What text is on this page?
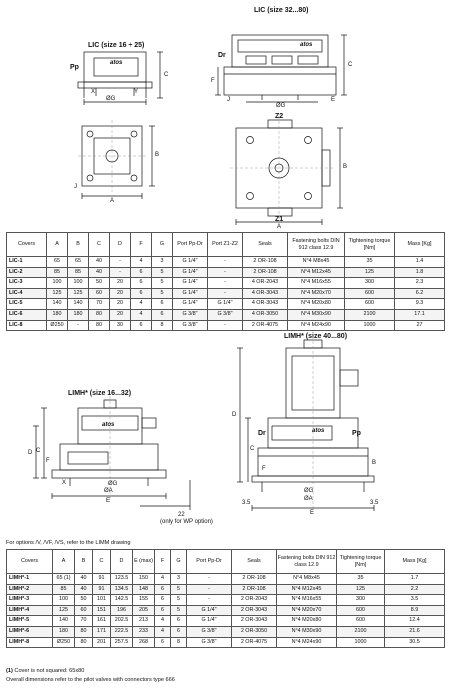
LIC (size 32...80)
LIC (size 16 ÷ 25)
Pp
X	Y
ØG
atos
C
Dr
atos
ØG
C
F
J	E
Z2
Z1
A
B
A
B
J
Covers	A	B	C	D	F	G	Port Pp-Dr	Port Z1-Z2	Seals	Fastening bolts DIN 912 class 12.9	Tightening torque [Nm]	Mass [Kg]
LIC-1	65	65	40	-	4	3	G 1/4"	-	2 OR-108	N°4 M8x45	35	1.4
LIC-2	85	85	40	-	6	5	G 1/4"	-	2 OR-108	N°4 M12x45	125	1.8
LIC-3	100	100	50	20	6	5	G 1/4"	-	4 OR-2043	N°4 M16x55	300	2.3
LIC-4	125	125	60	20	6	5	G 1/4"	-	4 OR-3043	N°4 M20x70	600	6.2
LIC-5	140	140	70	20	4	6	G 1/4"	G 1/4"	4 OR-3043	N°4 M20x80	600	9.3
LIC-6	180	180	80	20	4	6	G 3/8"	G 3/8"	4 OR-3050	N°4 M30x90	2100	17.1
LIC-8	Ø250	-	80	30	6	8	G 3/8"	-	2 OR-4075	N°4 M24x90	1000	27
LIMH* (size 40...80)
LIMH* (size 16...32)
atos
X	ØG
ØA
E
C
D
F
22
(only for WP option)
Dr	Pp
atos
ØG
ØA
E
3.5	3.5
D
C
F
B
For options /V, /VF, /VS, refer to the LIMM drawing
Covers	A	B	C	D	E (max)	F	G	Port Pp-Dr	Seals	Fastening bolts DIN 912 class 12.9	Tightening torque [Nm]	Mass [Kg]
LIMH*-1	65 (1)	40	91	123.5	150	4	3	-	2 OR-108	N°4 M8x45	35	1.7
LIMH*-2	85	40	91	134.5	148	6	5	-	2 OR-108	N°4 M12x45	125	2.2
LIMH*-3	100	50	101	142.5	155	6	5	-	2 OR-2043	N°4 M16x55	300	3.5
LIMH*-4	125	60	151	196	205	6	5	G 1/4"	2 OR-3043	N°4 M20x70	600	8.9
LIMH*-5	140	70	161	202.5	213	4	6	G 1/4"	2 OR-3043	N°4 M20x80	600	12.4
LIMH*-6	180	80	171	222.5	233	4	6	G 3/8"	2 OR-3050	N°4 M30x90	2100	21.6
LIMH*-8	Ø250	80	201	257.5	268	6	8	G 3/8"	2 OR-4075	N°4 M24x90	1000	30.5
(1) Cover is not squared: 65x80
Overall dimensions refer to the pilot valves with connectors type 666
